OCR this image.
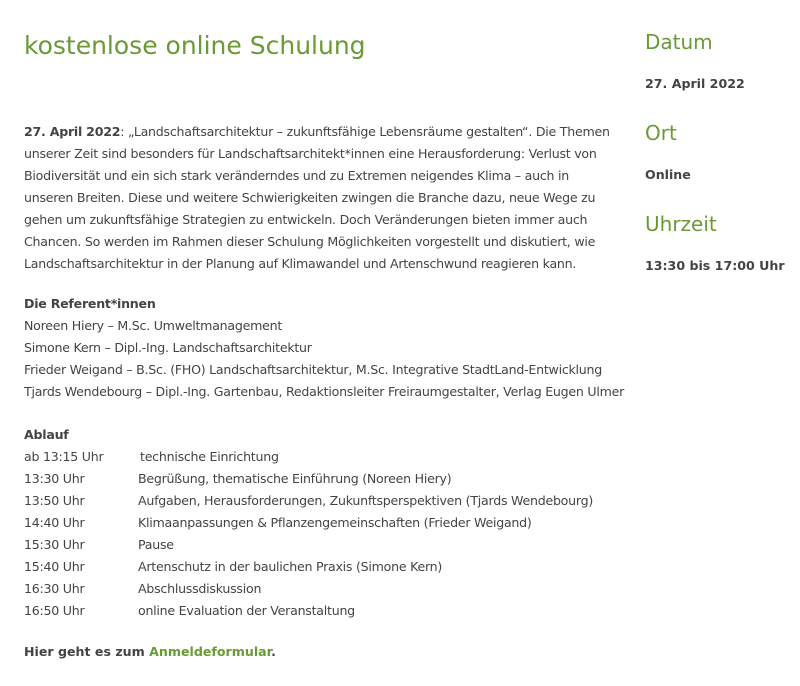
kostenlose online Schulung

27. April 2022: „Landschaftsarchitektur – zukunftsfähige Lebensräume gestalten“. Die Themen unserer Zeit sind besonders für Landschaftsarchitekt*innen eine Herausforderung: Verlust von Biodiversität und ein sich stark veränderndes und zu Extremen neigendes Klima – auch in unseren Breiten. Diese und weitere Schwierigkeiten zwingen die Branche dazu, neue Wege zu gehen um zukunftsfähige Strategien zu entwickeln. Doch Veränderungen bieten immer auch Chancen. So werden im Rahmen dieser Schulung Möglichkeiten vorgestellt und diskutiert, wie Landschaftsarchitektur in der Planung auf Klimawandel und Artenschwund reagieren kann.

Die Referent*innen
Noreen Hiery – M.Sc. Umweltmanagement
Simone Kern – Dipl.-Ing. Landschaftsarchitektur
Frieder Weigand – B.Sc. (FHO) Landschaftsarchitektur, M.Sc. Integrative StadtLand-Entwicklung
Tjards Wendebourg – Dipl.-Ing. Gartenbau, Redaktionsleiter Freiraumgestalter, Verlag Eugen Ulmer
Ablauf
ab 13:15 Uhr	technische Einrichtung
13:30 Uhr	Begrüßung, thematische Einführung (Noreen Hiery)
13:50 Uhr	Aufgaben, Herausforderungen, Zukunftsperspektiven (Tjards Wendebourg)
14:40 Uhr	Klimaanpassungen & Pflanzengemeinschaften (Frieder Weigand)
15:30 Uhr	Pause
15:40 Uhr	Artenschutz in der baulichen Praxis (Simone Kern)
16:30 Uhr	Abschlussdiskussion
16:50 Uhr	online Evaluation der Veranstaltung
Hier geht es zum Anmeldeformular.
Datum
27. April 2022
Ort
Online
Uhrzeit
13:30 bis 17:00 Uhr
